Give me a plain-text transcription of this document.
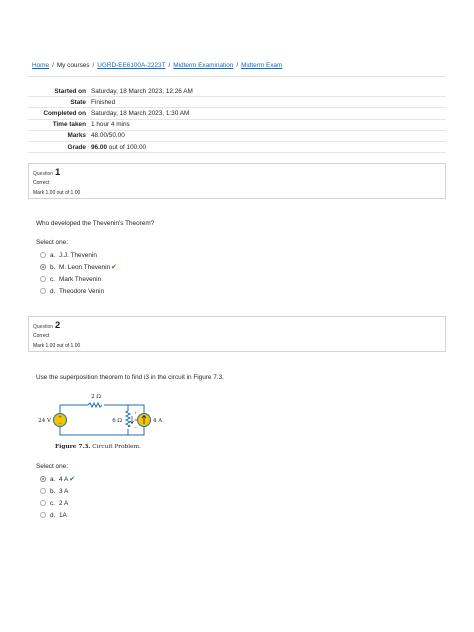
Home / My courses / UGRD-EE6100A-2223T / Midterm Examination / Midterm Exam
Started on Saturday, 18 March 2023, 12:26 AM
State Finished
Completed on Saturday, 18 March 2023, 1:30 AM
Time taken 1 hour 4 mins
Marks 48.00/50.00
Grade 96.00 out of 100.00
Question 1
Correct
Mark 1.00 out of 1.00
Who developed the Thevenin's Theorem?
Select one:
a. J.J. Thevenin
b. M. Leon Thevenin ✔
c. Mark Thevenin
d. Theodore Venin
Question 2
Correct
Mark 1.00 out of 1.00
Use the superposition theorem to find i3 in the circuit in Figure 7.3.
+
−
2 Ω
6 Ω
24 V	4 A
i₃
+
−
Figure 7.3. Circuit Problem.
Select one:
a. 4 A ✔
b. 3 A
c. 2 A
d. 1A
